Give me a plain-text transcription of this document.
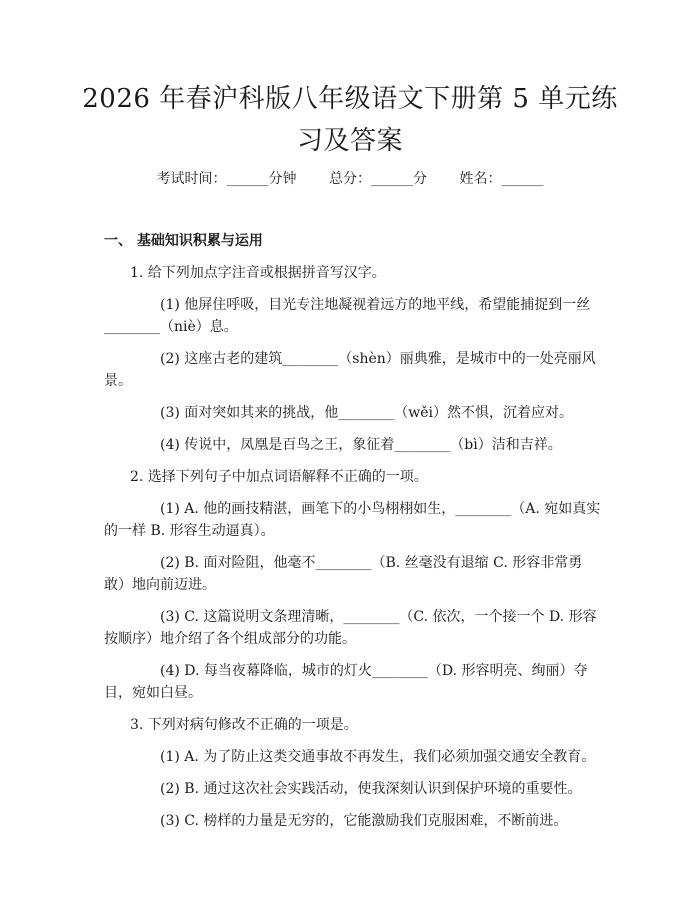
2026 年春沪科版八年级语文下册第 5 单元练
习及答案
考试时间：______分钟 总分：______分 姓名：______
一、 基础知识积累与运用
1. 给下列加点字注音或根据拼音写汉字。
(1) 他屏住呼吸，目光专注地凝视着远方的地平线，希望能捕捉到一丝
________（niè）息。
(2) 这座古老的建筑________（shèn）丽典雅，是城市中的一处亮丽风
景。
(3) 面对突如其来的挑战，他________（wěi）然不惧，沉着应对。
(4) 传说中，凤凰是百鸟之王，象征着________（bì）洁和吉祥。
2. 选择下列句子中加点词语解释不正确的一项。
(1) A. 他的画技精湛，画笔下的小鸟栩栩如生，________（A. 宛如真实
的一样 B. 形容生动逼真）。
(2) B. 面对险阻，他毫不________（B. 丝毫没有退缩 C. 形容非常勇
敢）地向前迈进。
(3) C. 这篇说明文条理清晰，________（C. 依次，一个接一个 D. 形容
按顺序）地介绍了各个组成部分的功能。
(4) D. 每当夜幕降临，城市的灯火________（D. 形容明亮、绚丽）夺
目，宛如白昼。
3. 下列对病句修改不正确的一项是。
(1) A. 为了防止这类交通事故不再发生，我们必须加强交通安全教育。
(2) B. 通过这次社会实践活动，使我深刻认识到保护环境的重要性。
(3) C. 榜样的力量是无穷的，它能激励我们克服困难，不断前进。
